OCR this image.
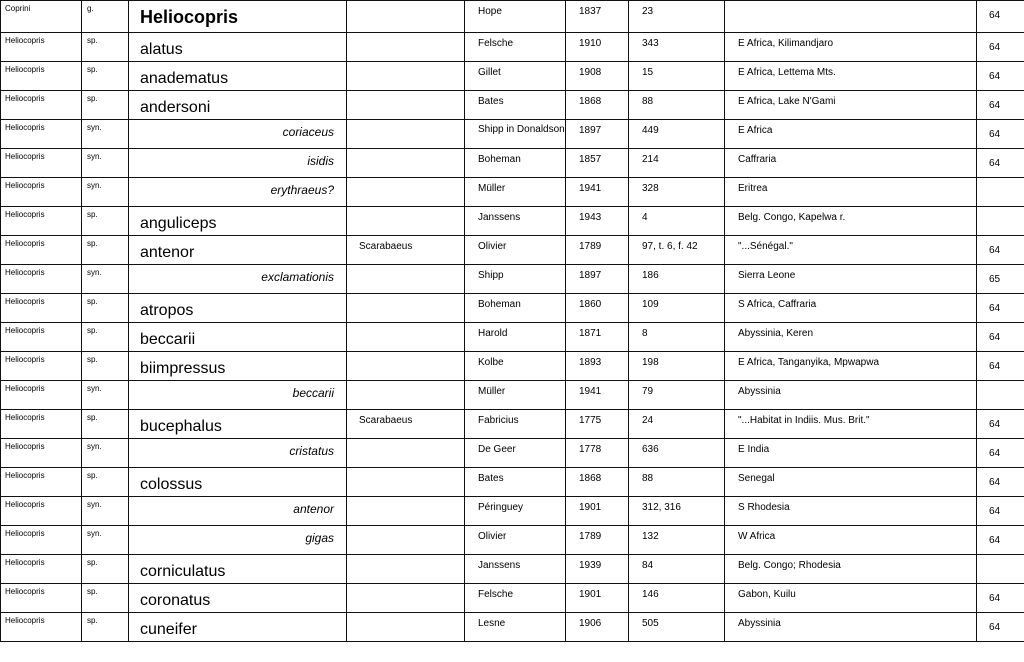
Coprini	g.	Heliocopris		Hope	1837	23		64
Heliocopris	sp.	alatus		Felsche	1910	343	E Africa, Kilimandjaro	64
Heliocopris	sp.	anadematus		Gillet	1908	15	E Africa, Lettema Mts.	64
Heliocopris	sp.	andersoni		Bates	1868	88	E Africa, Lake N'Gami	64
Heliocopris	syn.	coriaceus		Shipp in Donaldson	1897	449	E Africa	64
Heliocopris	syn.	isidis		Boheman	1857	214	Caffraria	64
Heliocopris	syn.	erythraeus?		Müller	1941	328	Eritrea	
Heliocopris	sp.	anguliceps		Janssens	1943	4	Belg. Congo, Kapelwa r.	
Heliocopris	sp.	antenor	Scarabaeus	Olivier	1789	97, t. 6, f. 42	"...Sénégal."	64
Heliocopris	syn.	exclamationis		Shipp	1897	186	Sierra Leone	65
Heliocopris	sp.	atropos		Boheman	1860	109	S Africa, Caffraria	64
Heliocopris	sp.	beccarii		Harold	1871	8	Abyssinia, Keren	64
Heliocopris	sp.	biimpressus		Kolbe	1893	198	E Africa, Tanganyika, Mpwapwa	64
Heliocopris	syn.	beccarii		Müller	1941	79	Abyssinia	
Heliocopris	sp.	bucephalus	Scarabaeus	Fabricius	1775	24	"...Habitat in Indiis. Mus. Brit."	64
Heliocopris	syn.	cristatus		De Geer	1778	636	E India	64
Heliocopris	sp.	colossus		Bates	1868	88	Senegal	64
Heliocopris	syn.	antenor		Péringuey	1901	312, 316	S Rhodesia	64
Heliocopris	syn.	gigas		Olivier	1789	132	W Africa	64
Heliocopris	sp.	corniculatus		Janssens	1939	84	Belg. Congo; Rhodesia	
Heliocopris	sp.	coronatus		Felsche	1901	146	Gabon, Kuilu	64
Heliocopris	sp.	cuneifer		Lesne	1906	505	Abyssinia	64
